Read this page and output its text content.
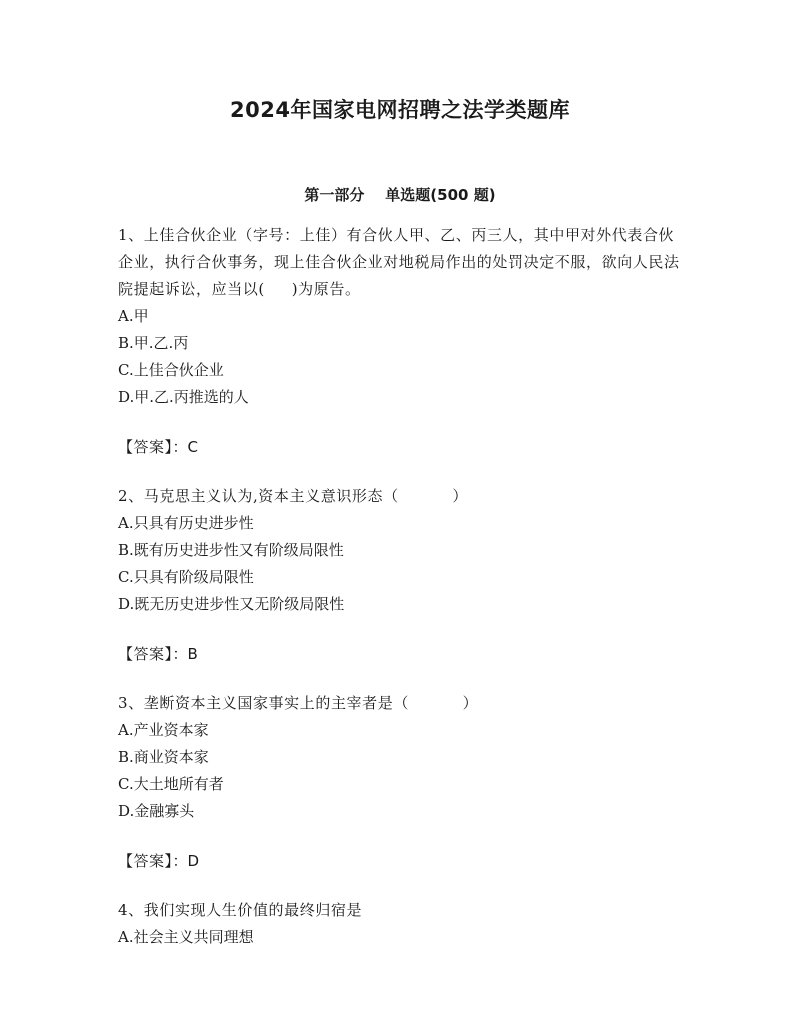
2024年国家电网招聘之法学类题库
第一部分    单选题(500 题)

1、上佳合伙企业（字号：上佳）有合伙人甲、乙、丙三人，其中甲对外代表合伙企业，执行合伙事务，现上佳合伙企业对地税局作出的处罚决定不服，欲向人民法院提起诉讼，应当以(     )为原告。

A.甲

B.甲.乙.丙

C.上佳合伙企业

D.甲.乙.丙推选的人

【答案】：C

2、马克思主义认为,资本主义意识形态（          ）

A.只具有历史进步性

B.既有历史进步性又有阶级局限性

C.只具有阶级局限性

D.既无历史进步性又无阶级局限性

【答案】：B

3、垄断资本主义国家事实上的主宰者是（          ）

A.产业资本家

B.商业资本家

C.大土地所有者

D.金融寡头

【答案】：D

4、我们实现人生价值的最终归宿是

A.社会主义共同理想
